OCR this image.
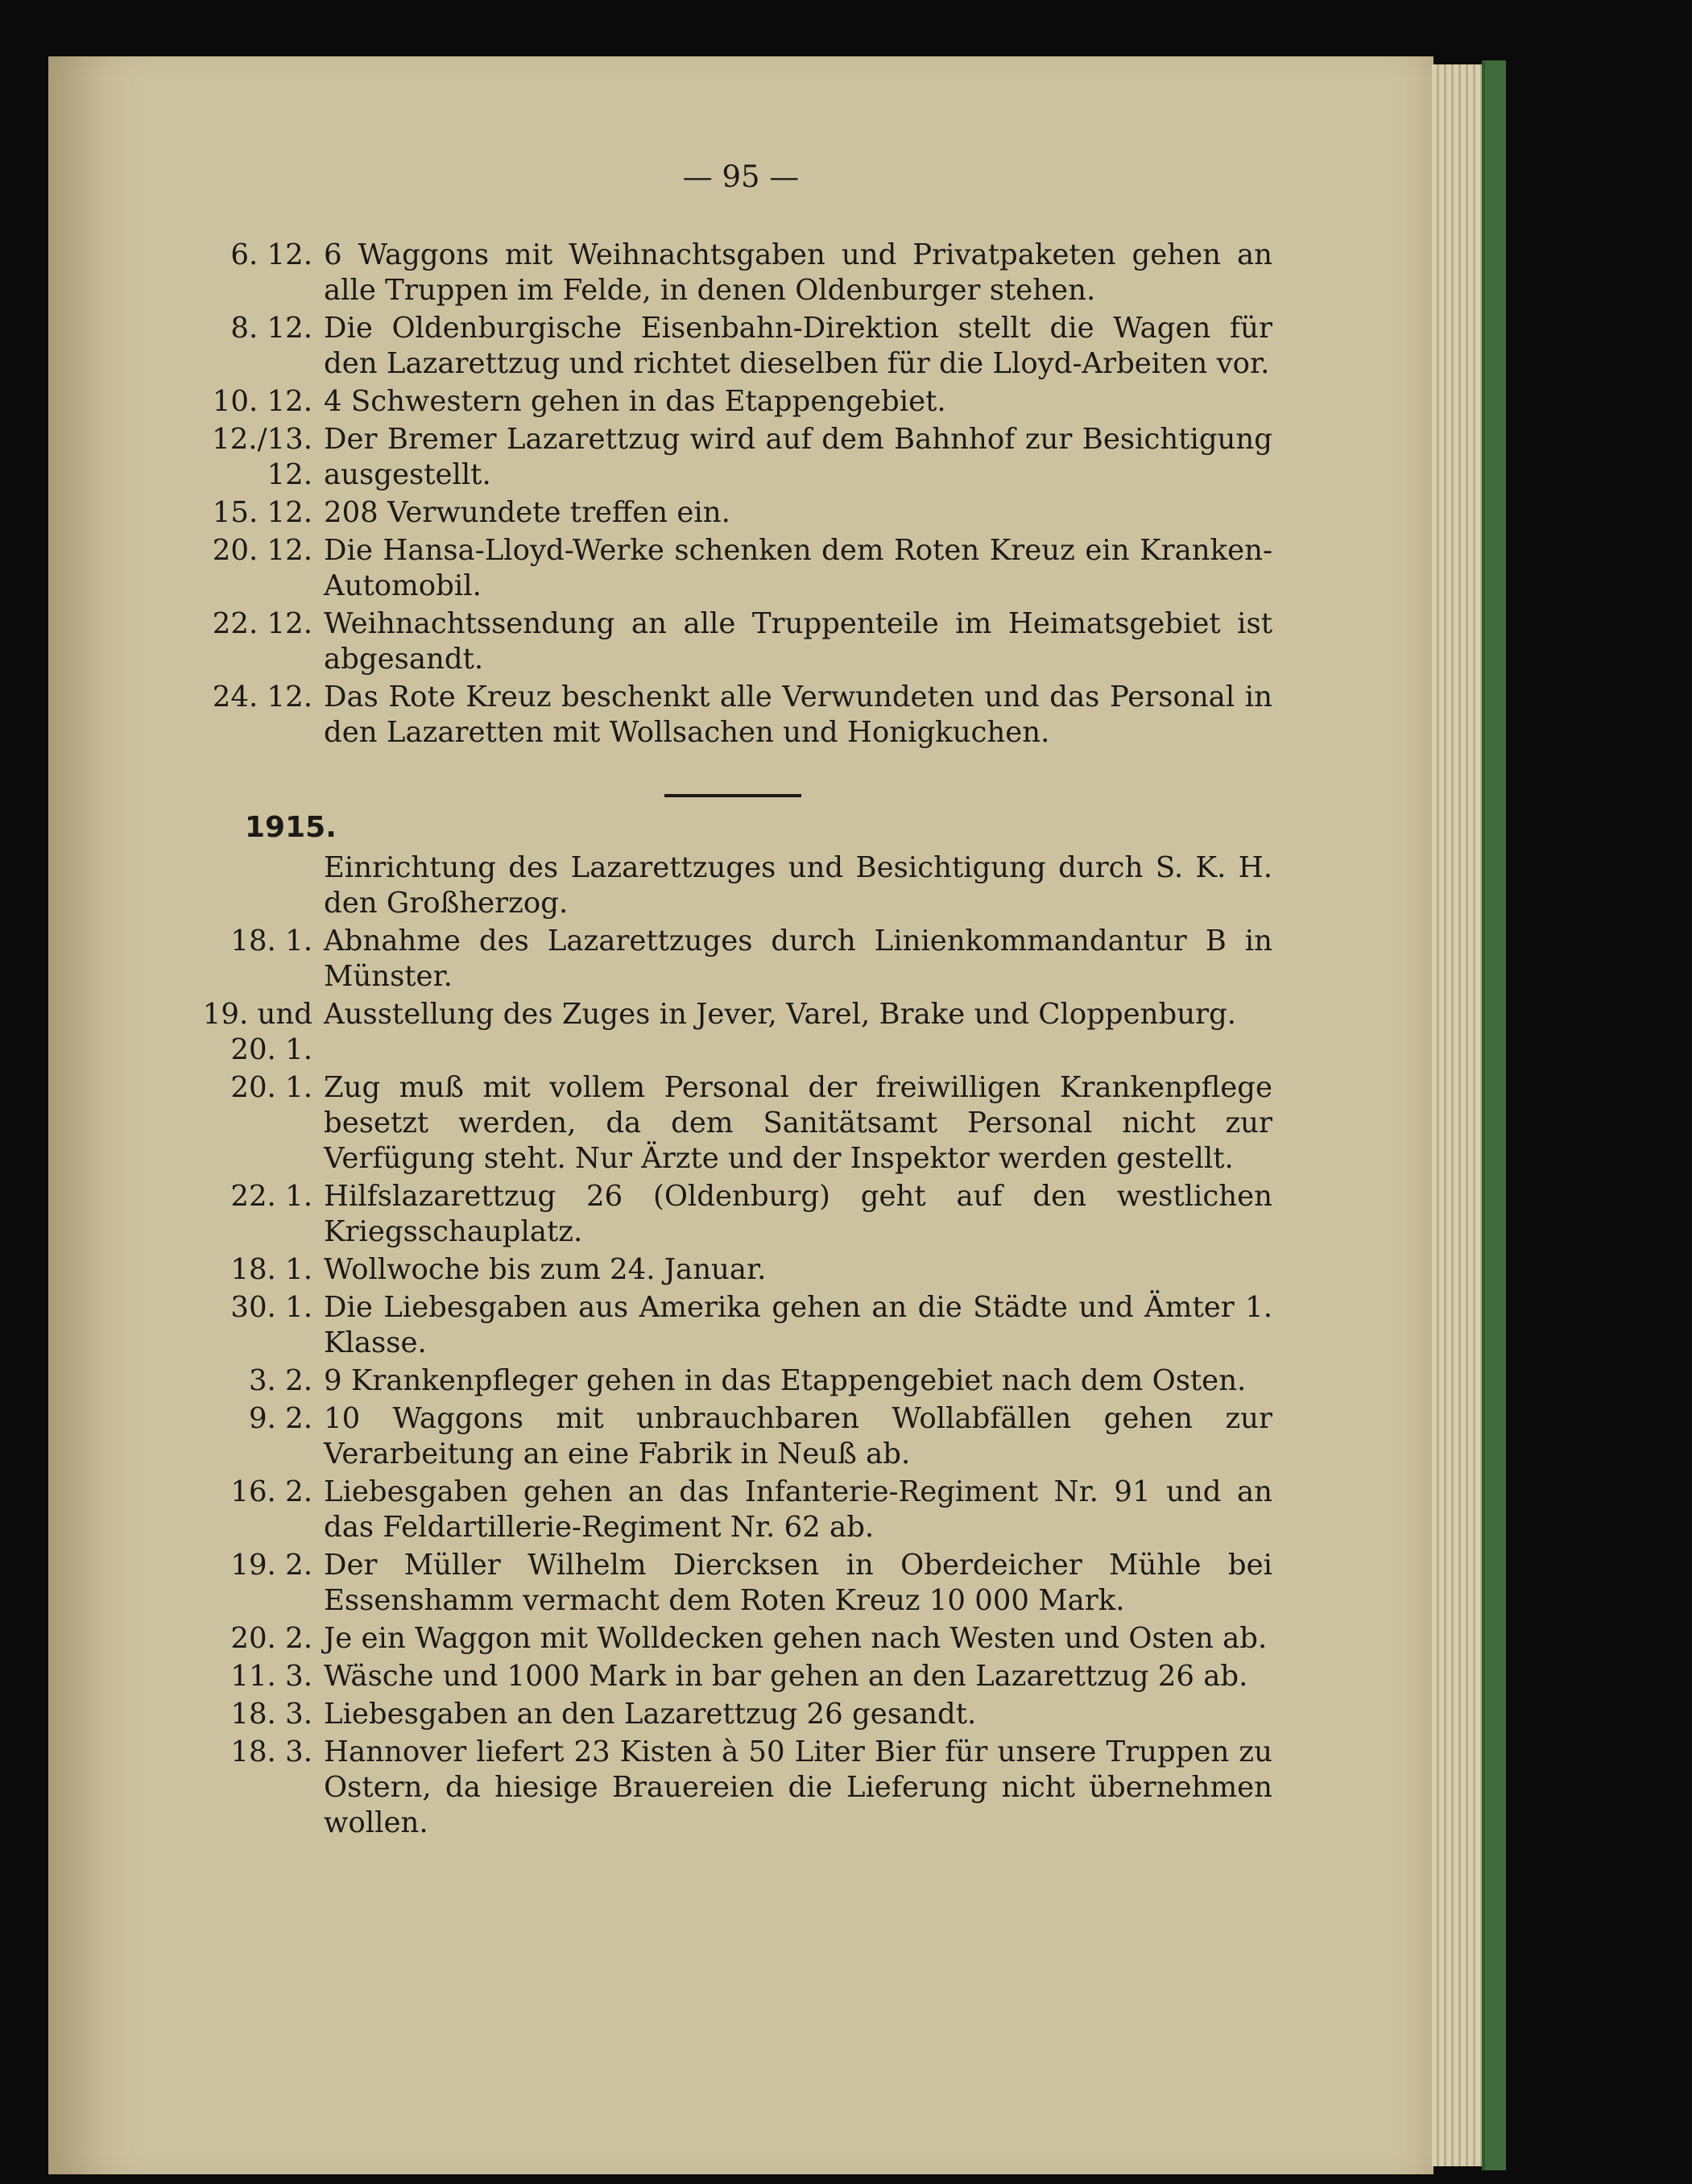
— 95 —
6. 12. 6 Waggons mit Weihnachtsgaben und Privatpaketen gehen an alle Truppen im Felde, in denen Oldenburger stehen.
8. 12. Die Oldenburgische Eisenbahn-Direktion stellt die Wagen für den Lazarettzug und richtet dieselben für die Lloyd-Arbeiten vor.
10. 12. 4 Schwestern gehen in das Etappengebiet.
12./13.
12.
Der Bremer Lazarettzug wird auf dem Bahnhof zur Besichtigung ausgestellt.
15. 12. 208 Verwundete treffen ein.
20. 12. Die Hansa-Lloyd-Werke schenken dem Roten Kreuz ein Kranken-Automobil.
22. 12. Weihnachtssendung an alle Truppenteile im Heimatsgebiet ist abgesandt.
24. 12. Das Rote Kreuz beschenkt alle Verwundeten und das Personal in den Lazaretten mit Wollsachen und Honigkuchen.
1915.
Einrichtung des Lazarettzuges und Besichtigung durch S. K. H. den Großherzog.
18. 1. Abnahme des Lazarettzuges durch Linienkommandantur B in Münster.
19. und
20. 1.
Ausstellung des Zuges in Jever, Varel, Brake und Cloppenburg.
20. 1. Zug muß mit vollem Personal der freiwilligen Krankenpflege besetzt werden, da dem Sanitätsamt Personal nicht zur Verfügung steht. Nur Ärzte und der Inspektor werden gestellt.
22. 1. Hilfslazarettzug 26 (Oldenburg) geht auf den westlichen Kriegsschauplatz.
18. 1. Wollwoche bis zum 24. Januar.
30. 1. Die Liebesgaben aus Amerika gehen an die Städte und Ämter 1. Klasse.
3. 2. 9 Krankenpfleger gehen in das Etappengebiet nach dem Osten.
9. 2. 10 Waggons mit unbrauchbaren Wollabfällen gehen zur Verarbeitung an eine Fabrik in Neuß ab.
16. 2. Liebesgaben gehen an das Infanterie-Regiment Nr. 91 und an das Feldartillerie-Regiment Nr. 62 ab.
19. 2. Der Müller Wilhelm Diercksen in Oberdeicher Mühle bei Essenshamm vermacht dem Roten Kreuz 10 000 Mark.
20. 2. Je ein Waggon mit Wolldecken gehen nach Westen und Osten ab.
11. 3. Wäsche und 1000 Mark in bar gehen an den Lazarettzug 26 ab.
18. 3. Liebesgaben an den Lazarettzug 26 gesandt.
18. 3. Hannover liefert 23 Kisten à 50 Liter Bier für unsere Truppen zu Ostern, da hiesige Brauereien die Lieferung nicht übernehmen wollen.
